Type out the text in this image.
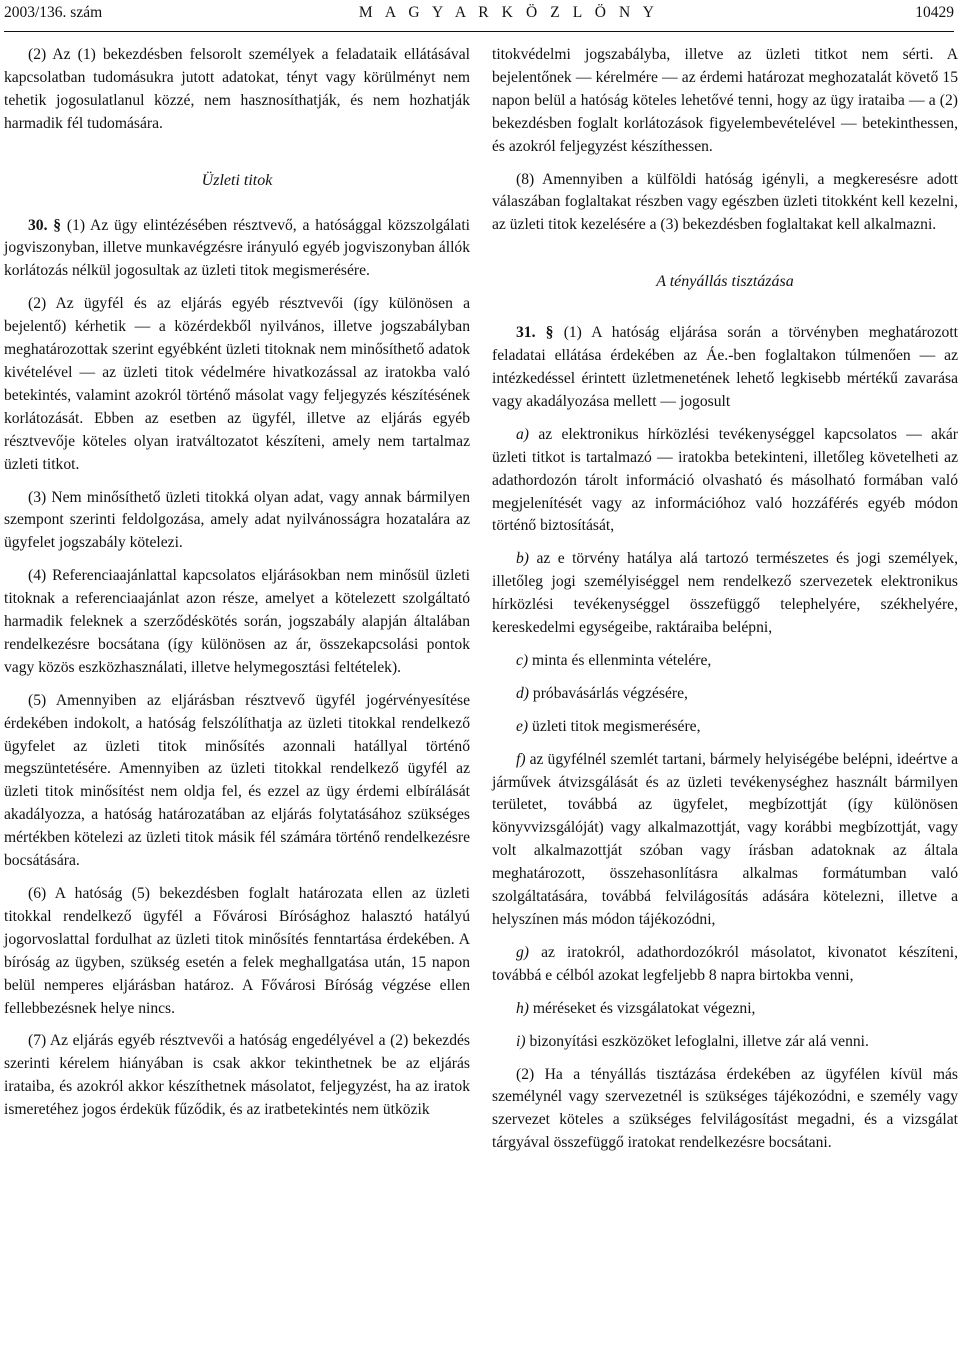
2003/136. szám	M A G Y A R K Ö Z L Ö N Y	10429

(2) Az (1) bekezdésben felsorolt személyek a feladataik ellátásával kapcsolatban tudomásukra jutott adatokat, tényt vagy körülményt nem tehetik jogosulatlanul közzé, nem hasznosíthatják, és nem hozhatják harmadik fél tudomására.

Üzleti titok

30. § (1) Az ügy elintézésében résztvevő, a hatósággal közszolgálati jogviszonyban, illetve munkavégzésre irányuló egyéb jogviszonyban állók korlátozás nélkül jogosultak az üzleti titok megismerésére.

(2) Az ügyfél és az eljárás egyéb résztvevői (így különösen a bejelentő) kérhetik — a közérdekből nyilvános, illetve jogszabályban meghatározottak szerint egyébként üzleti titoknak nem minősíthető adatok kivételével — az üzleti titok védelmére hivatkozással az iratokba való betekintés, valamint azokról történő másolat vagy feljegyzés készítésének korlátozását. Ebben az esetben az ügyfél, illetve az eljárás egyéb résztvevője köteles olyan iratváltozatot készíteni, amely nem tartalmaz üzleti titkot.

(3) Nem minősíthető üzleti titokká olyan adat, vagy annak bármilyen szempont szerinti feldolgozása, amely adat nyilvánosságra hozatalára az ügyfelet jogszabály kötelezi.

(4) Referenciaajánlattal kapcsolatos eljárásokban nem minősül üzleti titoknak a referenciaajánlat azon része, amelyet a kötelezett szolgáltató harmadik feleknek a szerződéskötés során, jogszabály alapján általában rendelkezésre bocsátana (így különösen az ár, összekapcsolási pontok vagy közös eszközhasználati, illetve helymegosztási feltételek).

(5) Amennyiben az eljárásban résztvevő ügyfél jogérvényesítése érdekében indokolt, a hatóság felszólíthatja az üzleti titokkal rendelkező ügyfelet az üzleti titok minősítés azonnali hatállyal történő megszüntetésére. Amennyiben az üzleti titokkal rendelkező ügyfél az üzleti titok minősítést nem oldja fel, és ezzel az ügy érdemi elbírálását akadályozza, a hatóság határozatában az eljárás folytatásához szükséges mértékben kötelezi az üzleti titok másik fél számára történő rendelkezésre bocsátására.

(6) A hatóság (5) bekezdésben foglalt határozata ellen az üzleti titokkal rendelkező ügyfél a Fővárosi Bírósághoz halasztó hatályú jogorvoslattal fordulhat az üzleti titok minősítés fenntartása érdekében. A bíróság az ügyben, szükség esetén a felek meghallgatása után, 15 napon belül nemperes eljárásban határoz. A Fővárosi Bíróság végzése ellen fellebbezésnek helye nincs.

(7) Az eljárás egyéb résztvevői a hatóság engedélyével a (2) bekezdés szerinti kérelem hiányában is csak akkor tekinthetnek be az eljárás irataiba, és azokról akkor készíthetnek másolatot, feljegyzést, ha az iratok ismeretéhez jogos érdekük fűződik, és az iratbetekintés nem ütközik

titokvédelmi jogszabályba, illetve az üzleti titkot nem sérti. A bejelentőnek — kérelmére — az érdemi határozat meghozatalát követő 15 napon belül a hatóság köteles lehetővé tenni, hogy az ügy irataiba — a (2) bekezdésben foglalt korlátozások figyelembevételével — betekinthessen, és azokról feljegyzést készíthessen.

(8) Amennyiben a külföldi hatóság igényli, a megkeresésre adott válaszában foglaltakat részben vagy egészben üzleti titokként kell kezelni, az üzleti titok kezelésére a (3) bekezdésben foglaltakat kell alkalmazni.

A tényállás tisztázása

31. § (1) A hatóság eljárása során a törvényben meghatározott feladatai ellátása érdekében az Áe.-ben foglaltakon túlmenően — az intézkedéssel érintett üzletmenetének lehető legkisebb mértékű zavarása vagy akadályozása mellett — jogosult

a) az elektronikus hírközlési tevékenységgel kapcsolatos — akár üzleti titkot is tartalmazó — iratokba betekinteni, illetőleg követelheti az adathordozón tárolt információ olvasható és másolható formában való megjelenítését vagy az információhoz való hozzáférés egyéb módon történő biztosítását,

b) az e törvény hatálya alá tartozó természetes és jogi személyek, illetőleg jogi személyiséggel nem rendelkező szervezetek elektronikus hírközlési tevékenységgel összefüggő telephelyére, székhelyére, kereskedelmi egységeibe, raktáraiba belépni,

c) minta és ellenminta vételére,

d) próbavásárlás végzésére,

e) üzleti titok megismerésére,

f) az ügyfélnél szemlét tartani, bármely helyiségébe belépni, ideértve a járművek átvizsgálását és az üzleti tevékenységhez használt bármilyen területet, továbbá az ügyfelet, megbízottját (így különösen könyvvizsgálóját) vagy alkalmazottját, vagy korábbi megbízottját, vagy volt alkalmazottját szóban vagy írásban adatoknak az általa meghatározott, összehasonlításra alkalmas formátumban való szolgáltatására, továbbá felvilágosítás adására kötelezni, illetve a helyszínen más módon tájékozódni,

g) az iratokról, adathordozókról másolatot, kivonatot készíteni, továbbá e célból azokat legfeljebb 8 napra birtokba venni,

h) méréseket és vizsgálatokat végezni,

i) bizonyítási eszközöket lefoglalni, illetve zár alá venni.

(2) Ha a tényállás tisztázása érdekében az ügyfélen kívül más személynél vagy szervezetnél is szükséges tájékozódni, e személy vagy szervezet köteles a szükséges felvilágosítást megadni, és a vizsgálat tárgyával összefüggő iratokat rendelkezésre bocsátani.
